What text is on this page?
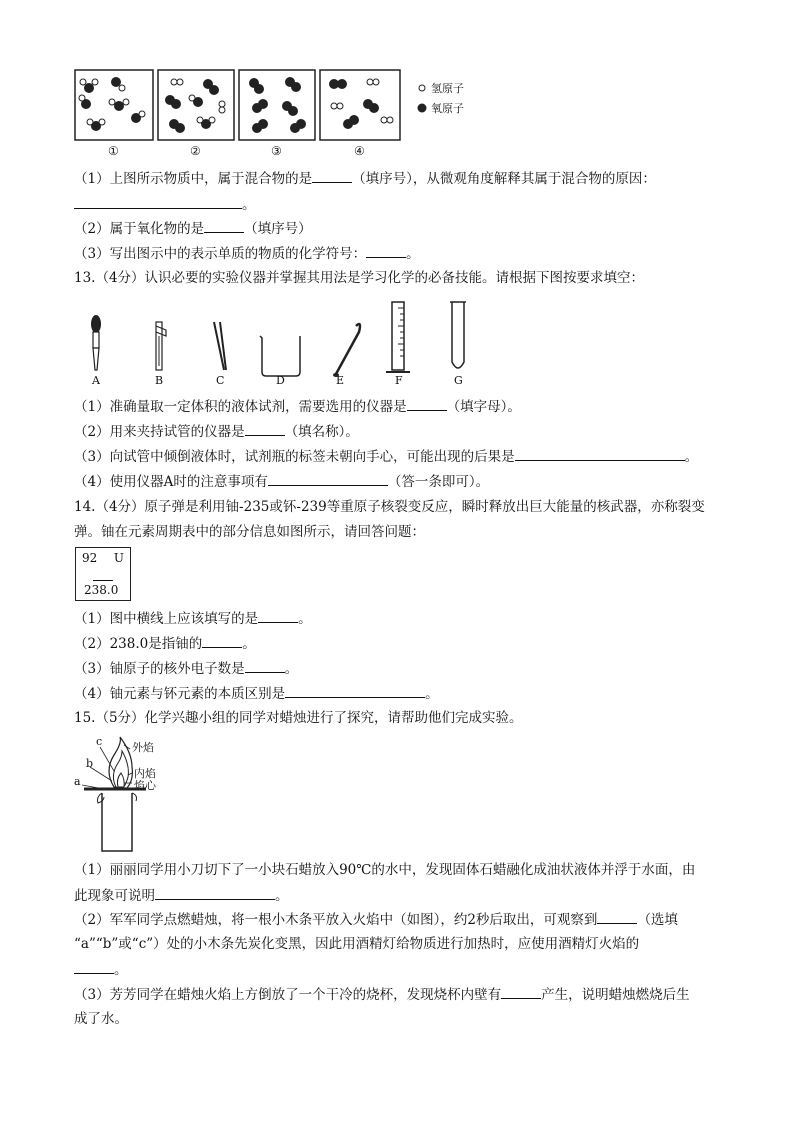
氢原子
氧原子
①	②	③	④
（1）上图所示物质中，属于混合物的是	（填序号），从微观角度解释其属于混合物的原因：
。
（2）属于氧化物的是	（填序号）
（3）写出图示中的表示单质的物质的化学符号：	。
13.（4分）认识必要的实验仪器并掌握其用法是学习化学的必备技能。请根据下图按要求填空：
A	B	C	D	E	F	G
（1）准确量取一定体积的液体试剂，需要选用的仪器是	（填字母）。
（2）用来夹持试管的仪器是	（填名称）。
（3）向试管中倾倒液体时，试剂瓶的标签未朝向手心，可能出现的后果是	。
（4）使用仪器A时的注意事项有	（答一条即可）。
14.（4分）原子弹是利用铀-235或钚-239等重原子核裂变反应，瞬时释放出巨大能量的核武器，亦称裂变
弹。铀在元素周期表中的部分信息如图所示，请回答问题：
92 U
238.0
（1）图中横线上应该填写的是	。
（2）238.0是指铀的	。
（3）铀原子的核外电子数是	。
（4）铀元素与钚元素的本质区别是	。
15.（5分）化学兴趣小组的同学对蜡烛进行了探究，请帮助他们完成实验。
c
b
a
外焰
内焰
焰心
（1）丽丽同学用小刀切下了一小块石蜡放入90℃的水中，发现固体石蜡融化成油状液体并浮于水面，由
此现象可说明	。
（2）军军同学点燃蜡烛，将一根小木条平放入火焰中（如图），约2秒后取出，可观察到	（选填
“a”“b”或“c”）处的小木条先炭化变黑，因此用酒精灯给物质进行加热时，应使用酒精灯火焰的
。
（3）芳芳同学在蜡烛火焰上方倒放了一个干冷的烧杯，发现烧杯内壁有	产生，说明蜡烛燃烧后生
成了水。
